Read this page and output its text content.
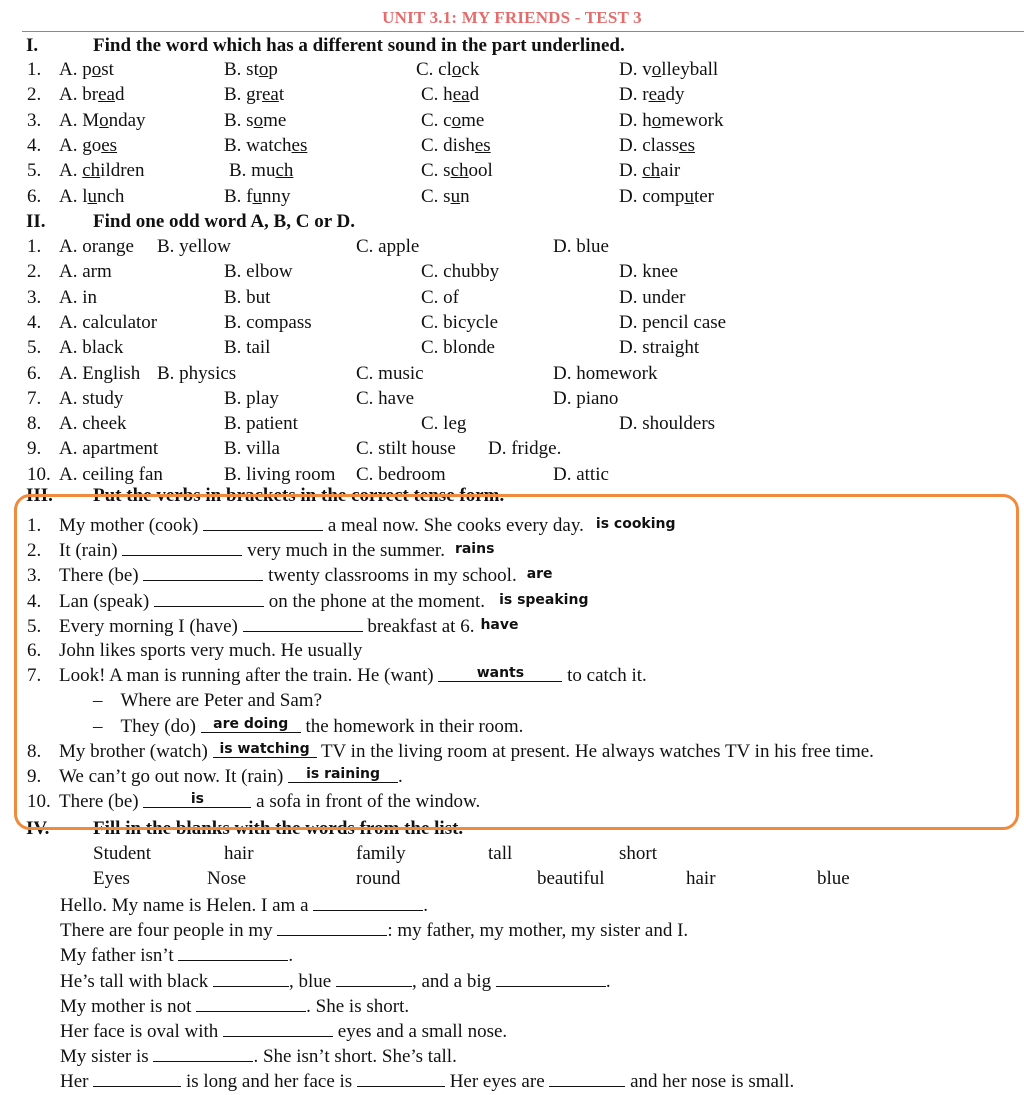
UNIT 3.1: MY FRIENDS - TEST 3
I.	Find the word which has a different sound in the part underlined.
1. A. post	B. stop	C. clock	D. volleyball
2. A. bread	B. great	C. head	D. ready
3. A. Monday	B. some	C. come	D. homework
4. A. goes	B. watches	C. dishes	D. classes
5. A. children	B. much	C. school	D. chair
6. A. lunch	B. funny	C. sun	D. computer
II. Find one odd word A, B, C or D.
1. A. orange B. yellow	C. apple	D. blue
2. A. arm	B. elbow	C. chubby	D. knee
3. A. in	B. but	C. of	D. under
4. A. calculator	B. compass	C. bicycle	D. pencil case
5. A. black	B. tail	C. blonde	D. straight
6. A. English B. physics	C. music	D. homework
7. A. study	B. play	C. have	D. piano
8. A. cheek	B. patient	C. leg	D. shoulders
9. A. apartment	B. villa	C. stilt house D. fridge.
10. A. ceiling fan	B. living room C. bedroom	D. attic
III. Put the verbs in brackets in the correct tense form.
1. My mother (cook)	a meal now. She cooks every day. is cooking
2. It (rain)	very much in the summer. rains
3. There (be)	twenty classrooms in my school. are
4. Lan (speak)	on the phone at the moment. is speaking
5. Every morning I (have)	breakfast at 6. have
6. John likes sports very much. He usually
7. Look! A man is running after the train. He (want)	$^{wants}$ to catch it.
– Where are Peter and Sam?
– They (do) $^{are doing}$ the homework in their room.
8. My brother (watch) $^{is watching}$ TV in the living room at present. He always watches TV in his free time.
9. We can’t go out now. It (rain) $^{is raining}$ .
10. There (be)	$^{is}$ a sofa in front of the window.
IV. Fill in the blanks with the words from the list.
Student	hair	family	tall	short
Eyes	Nose	round	beautiful	hair	blue
Hello. My name is Helen. I am a	.
There are four people in my	: my father, my mother, my sister and I.
My father isn’t	.
He’s tall with black	, blue	, and a big	.
My mother is not	. She is short.
Her face is oval with	eyes and a small nose.
My sister is	. She isn’t short. She’s tall.
Her	is long and her face is	Her eyes are	and her nose is small.
